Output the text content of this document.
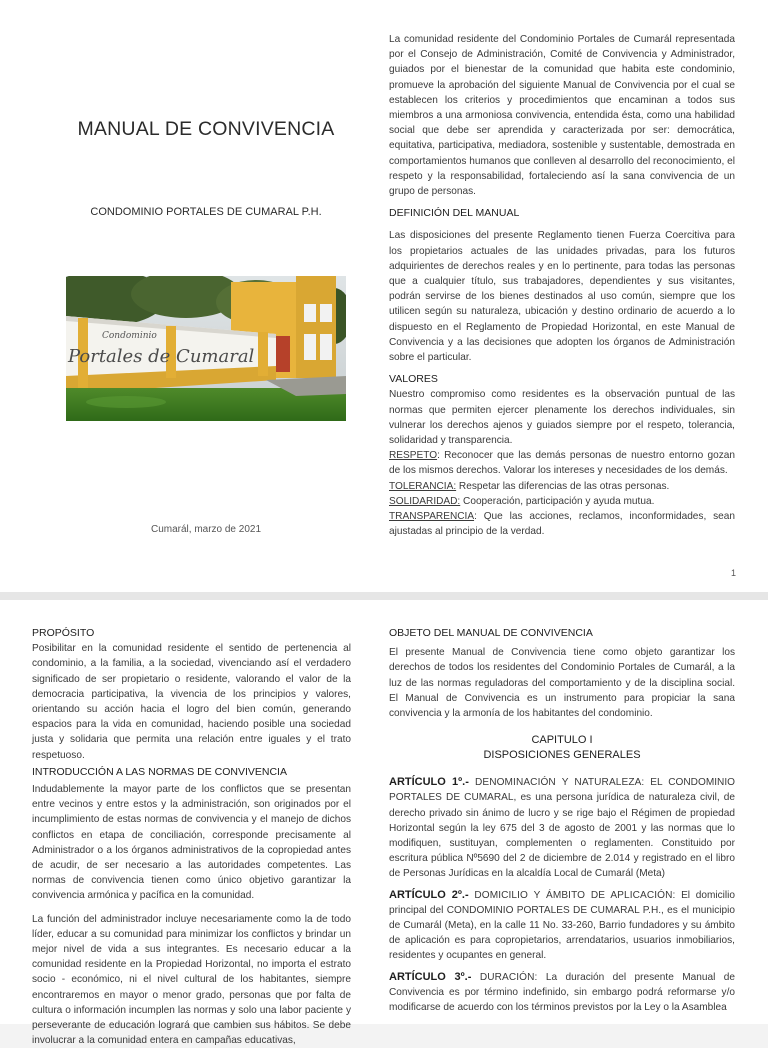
MANUAL DE CONVIVENCIA
CONDOMINIO PORTALES DE CUMARAL P.H.
Condominio
Portales de Cumaral
Cumarál, marzo de 2021

La comunidad residente del Condominio Portales de Cumarál representada por el Consejo de Administración, Comité de Convivencia y Administrador, guiados por el bienestar de la comunidad que habita este condominio, promueve la aprobación del siguiente Manual de Convivencia por el cual se establecen los criterios y procedimientos que encaminan a todos sus miembros a una armoniosa convivencia, entendida ésta, como una habilidad social que debe ser aprendida y caracterizada por ser: democrática, equitativa, participativa, mediadora, sostenible y sustentable, demostrada en comportamientos humanos que conlleven al desarrollo del reconocimiento, el respeto y la responsabilidad, fortaleciendo así la sana convivencia de un grupo de personas.

DEFINICIÓN DEL MANUAL

Las disposiciones del presente Reglamento tienen Fuerza Coercitiva para los propietarios actuales de las unidades privadas, para los futuros adquirientes de derechos reales y en lo pertinente, para todas las personas que a cualquier título, sus trabajadores, dependientes y sus visitantes, podrán servirse de los bienes destinados al uso común, siempre que los utilicen según su naturaleza, ubicación y destino ordinario de acuerdo a lo dispuesto en el Reglamento de Propiedad Horizontal, en este Manual de Convivencia y a las decisiones que adopten los órganos de Administración sobre el particular.

VALORES

Nuestro compromiso como residentes es la observación puntual de las normas que permiten ejercer plenamente los derechos individuales, sin vulnerar los derechos ajenos y guiados siempre por el respeto, tolerancia, solidaridad y transparencia.

RESPETO: Reconocer que las demás personas de nuestro entorno gozan de los mismos derechos. Valorar los intereses y necesidades de los demás.

TOLERANCIA: Respetar las diferencias de las otras personas.

SOLIDARIDAD: Cooperación, participación y ayuda mutua.

TRANSPARENCIA: Que las acciones, reclamos, inconformidades, sean ajustadas al principio de la verdad.

1

PROPÓSITO

Posibilitar en la comunidad residente el sentido de pertenencia al condominio, a la familia, a la sociedad, vivenciando así el verdadero significado de ser propietario o residente, valorando el valor de la democracia participativa, la vivencia de los principios y valores, orientando su acción hacia el logro del bien común, generando espacios para la vida en comunidad, haciendo posible una sociedad justa y solidaria que permita una relación entre iguales y el trato respetuoso.

INTRODUCCIÓN A LAS NORMAS DE CONVIVENCIA

Indudablemente la mayor parte de los conflictos que se presentan entre vecinos y entre estos y la administración, son originados por el incumplimiento de estas normas de convivencia y el manejo de dichos conflictos en etapa de conciliación, corresponde precisamente al Administrador o a los órganos administrativos de la copropiedad antes de acudir, de ser necesario a las autoridades competentes. Las normas de convivencia tienen como único objetivo garantizar la convivencia armónica y pacífica en la comunidad.

La función del administrador incluye necesariamente como la de todo líder, educar a su comunidad para minimizar los conflictos y brindar un mejor nivel de vida a sus integrantes. Es necesario educar a la comunidad residente en la Propiedad Horizontal, no importa el estrato socio - económico, ni el nivel cultural de los habitantes, siempre encontraremos en mayor o menor grado, personas que por falta de cultura o información incumplen las normas y solo una labor paciente y perseverante de educación logrará que cambien sus hábitos. Se debe involucrar a la comunidad entera en campañas educativas,

OBJETO DEL MANUAL DE CONVIVENCIA

El presente Manual de Convivencia tiene como objeto garantizar los derechos de todos los residentes del Condominio Portales de Cumarál, a la luz de las normas reguladoras del comportamiento y de la disciplina social. El Manual de Convivencia es un instrumento para propiciar la sana convivencia y la armonía de los habitantes del condominio.

CAPITULO I

DISPOSICIONES GENERALES

ARTÍCULO 1º.- DENOMINACIÓN Y NATURALEZA: EL CONDOMINIO PORTALES DE CUMARAL, es una persona jurídica de naturaleza civil, de derecho privado sin ánimo de lucro y se rige bajo el Régimen de propiedad Horizontal según la ley 675 del 3 de agosto de 2001 y las normas que lo modifiquen, sustituyan, complementen o reglamenten. Constituido por escritura pública Nº5690 del 2 de diciembre de 2.014 y registrado en el libro de Personas Jurídicas en la alcaldía Local de Cumarál (Meta)

ARTÍCULO 2º.- DOMICILIO Y ÁMBITO DE APLICACIÓN: El domicilio principal del CONDOMINIO PORTALES DE CUMARAL P.H., es el municipio de Cumarál (Meta), en la calle 11 No. 33-260, Barrio fundadores y su ámbito de aplicación es para copropietarios, arrendatarios, usuarios inmobiliarios, residentes y ocupantes en general.

ARTÍCULO 3º.- DURACIÓN: La duración del presente Manual de Convivencia es por término indefinido, sin embargo podrá reformarse y/o modificarse de acuerdo con los términos previstos por la Ley o la Asamblea
